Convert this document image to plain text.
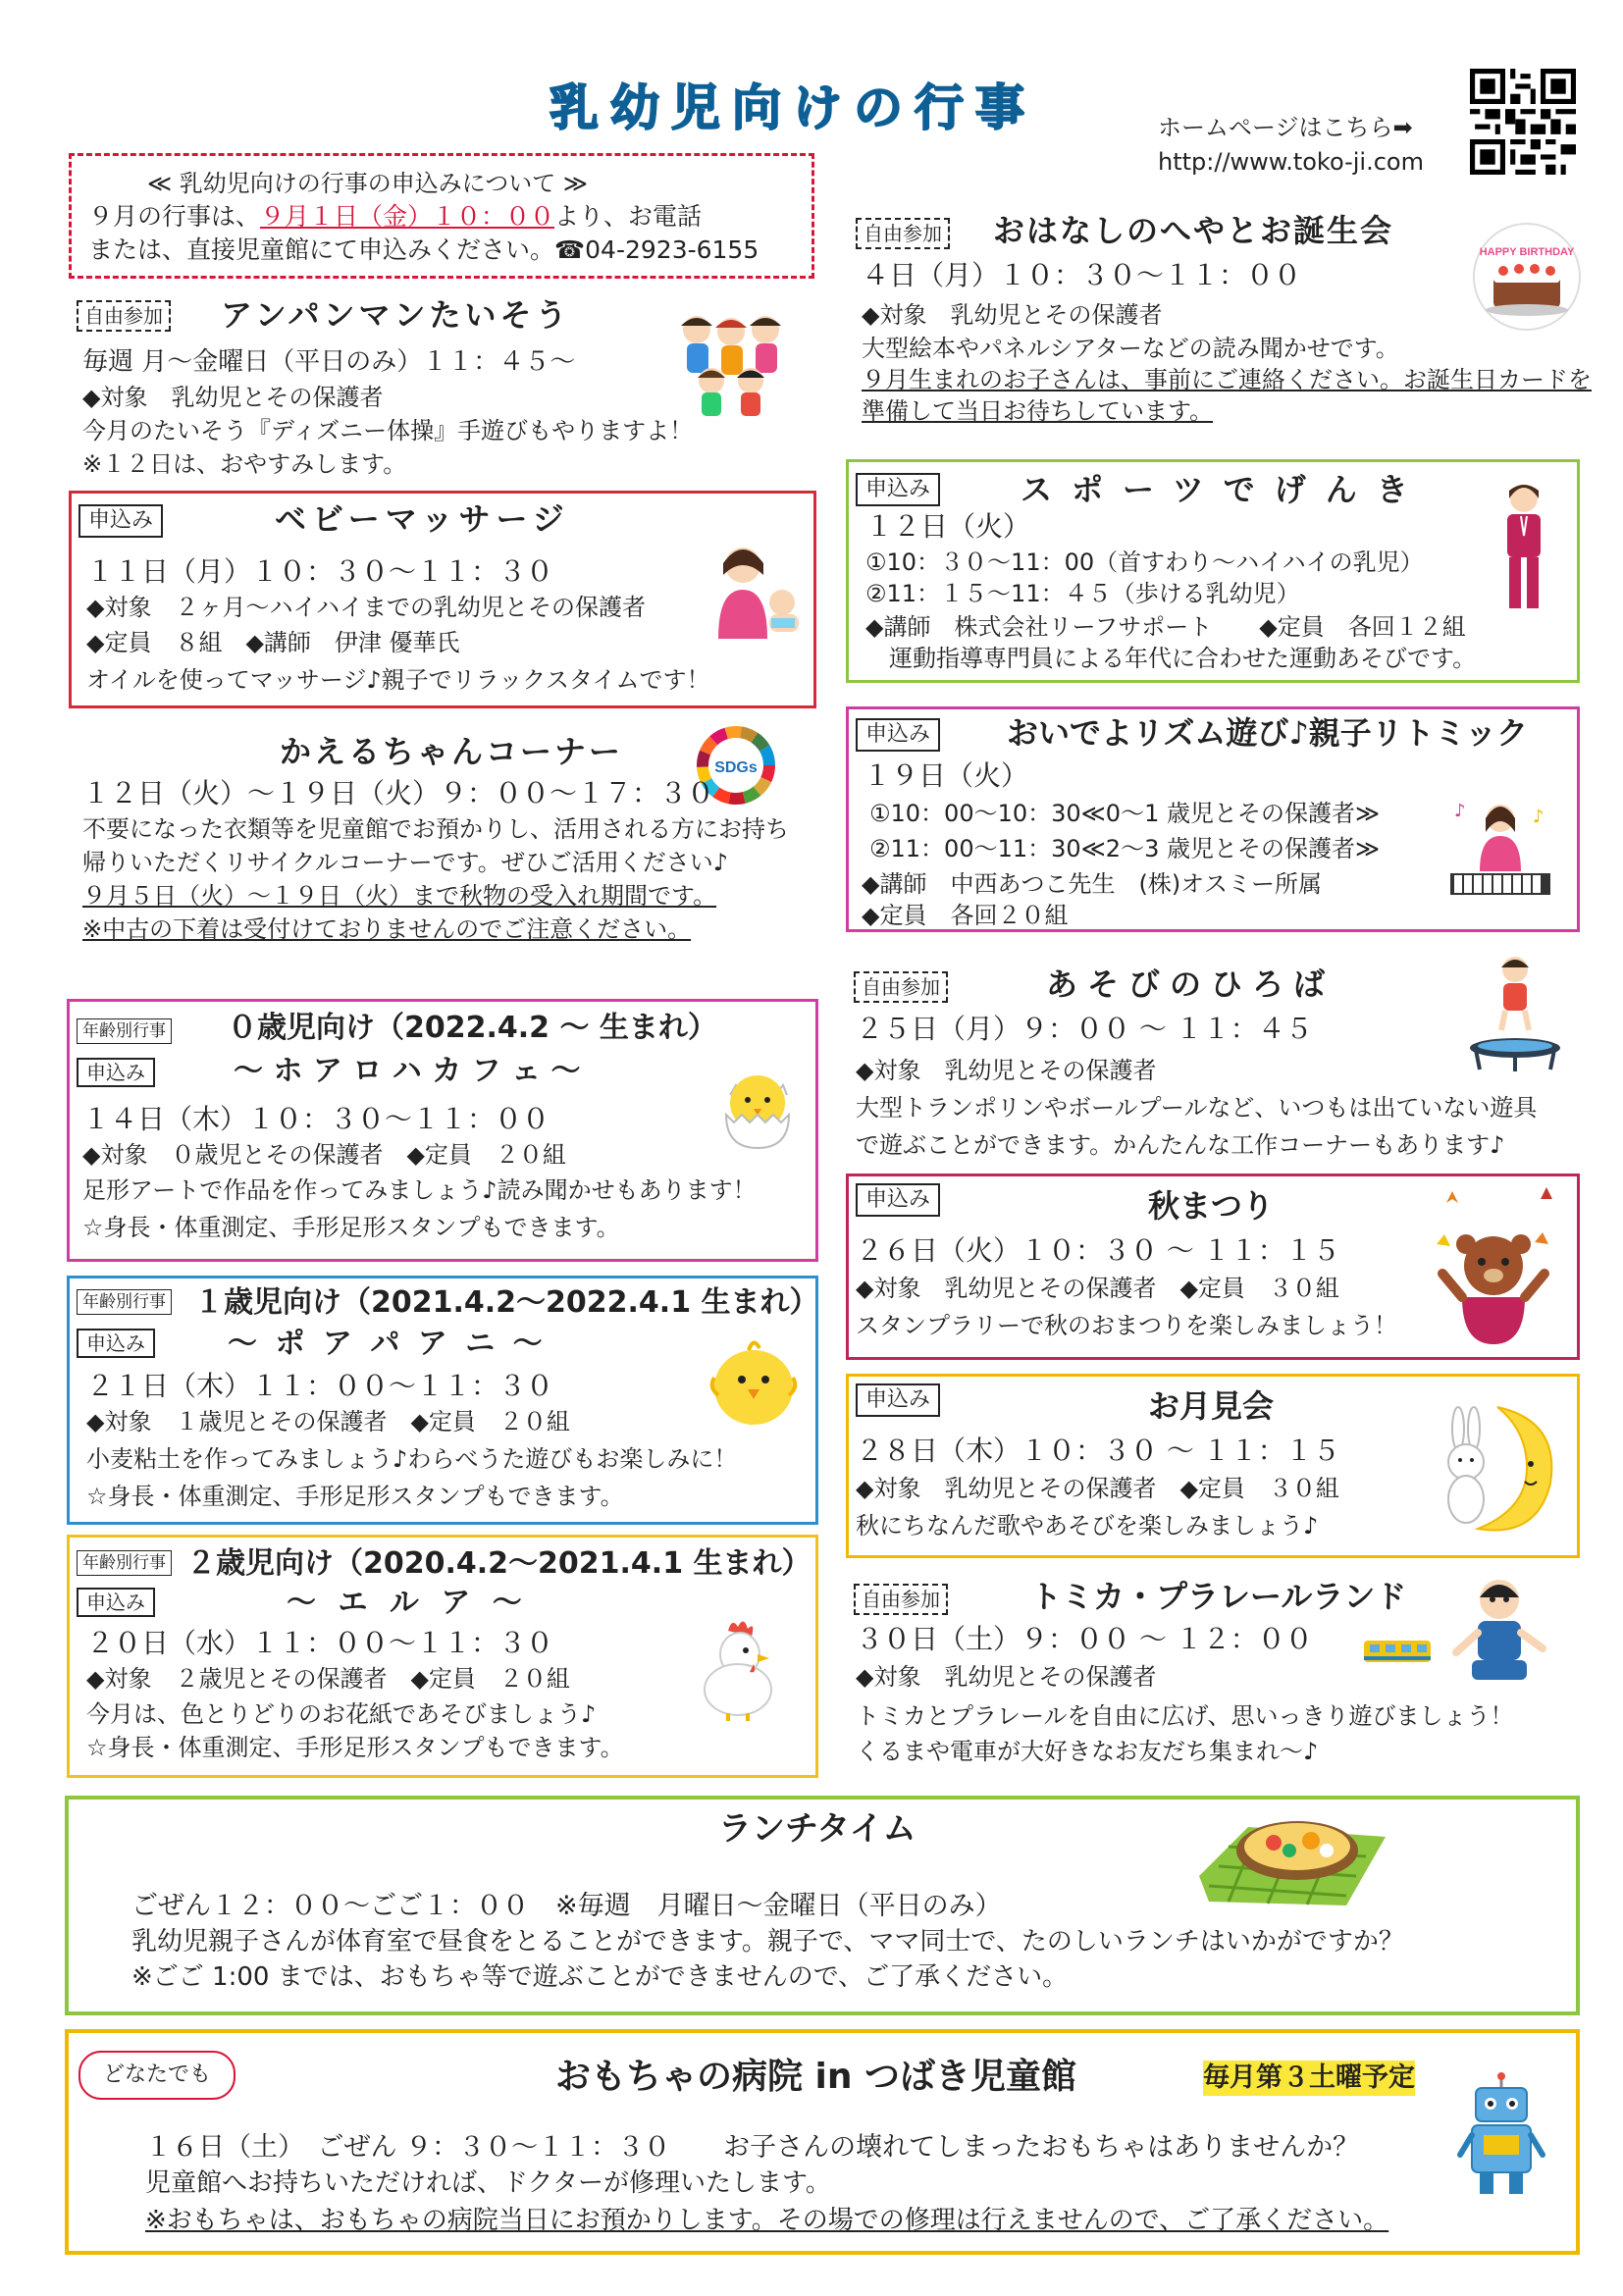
乳幼児向けの行事	ホームページはこちら➡
http://www.toko-ji.com
≪ 乳幼児向けの行事の申込みについて ≫
９月の行事は、９月１日（金）１０：００より、お電話
または、直接児童館にて申込みください。☎04-2923-6155
自由参加 アンパンマンたいそう
毎週 月～金曜日（平日のみ）１１：４５～
◆対象　乳幼児とその保護者
今月のたいそう『ディズニー体操』手遊びもやりますよ！
※１２日は、おやすみします。
申込み	ベビーマッサージ
１１日（月）１０：３０～１１：３０
◆対象　２ヶ月～ハイハイまでの乳幼児とその保護者
◆定員　８組　◆講師　伊津 優華氏
オイルを使ってマッサージ♪親子でリラックスタイムです！
かえるちゃんコーナー	SDGs
１２日（火）～１９日（火）９：００～１７：３０
不要になった衣類等を児童館でお預かりし、活用される方にお持ち
帰りいただくリサイクルコーナーです。ぜひご活用ください♪
９月５日（火）～１９日（火）まで秋物の受入れ期間です。
※中古の下着は受付けておりませんのでご注意ください。
年齢別行事
申込み
０歳児向け（2022.4.2 ～ 生まれ）
～ ホ ア ロ ハ カ フ ェ ～
１４日（木）１０：３０～１１：００
◆対象　０歳児とその保護者　◆定員　２０組
足形アートで作品を作ってみましょう♪読み聞かせもあります！
☆身長・体重測定、手形足形スタンプもできます。
年齢別行事
申込み
１歳児向け（2021.4.2～2022.4.1 生まれ）
～ ポ ア パ ア ニ ～
２１日（木）１１：００～１１：３０
◆対象　１歳児とその保護者　◆定員　２０組
小麦粘土を作ってみましょう♪わらべうた遊びもお楽しみに！
☆身長・体重測定、手形足形スタンプもできます。
年齢別行事
申込み
２歳児向け（2020.4.2～2021.4.1 生まれ）
～ エ ル ア ～
２０日（水）１１：００～１１：３０
◆対象　２歳児とその保護者　◆定員　２０組
今月は、色とりどりのお花紙であそびましょう♪
☆身長・体重測定、手形足形スタンプもできます。
自由参加 おはなしのへやとお誕生会
４日（月）１０：３０～１１：００
◆対象　乳幼児とその保護者
大型絵本やパネルシアターなどの読み聞かせです。
９月生まれのお子さんは、事前にご連絡ください。お誕生日カードを
準備して当日お待ちしています。
HAPPY BIRTHDAY
申込み	スポーツでげんき
１２日（火）
①10：３０～11：00（首すわり～ハイハイの乳児）
②11：１５～11：４５（歩ける乳幼児）
◆講師　株式会社リーフサポート　　◆定員　各回１２組
運動指導専門員による年代に合わせた運動あそびです。
申込み	おいでよリズム遊び♪親子リトミック
１９日（火）
①10：00～10：30≪0～1 歳児とその保護者≫
②11：00～11：30≪2～3 歳児とその保護者≫
◆講師　中西あつこ先生　(株)オスミー所属
◆定員　各回２０組
♪	♪
自由参加	あそびのひろば
２５日（月）９：００ ～ １１：４５
◆対象　乳幼児とその保護者
大型トランポリンやボールプールなど、いつもは出ていない遊具
で遊ぶことができます。かんたんな工作コーナーもあります♪
申込み	秋まつり
２６日（火）１０：３０ ～ １１：１５
◆対象　乳幼児とその保護者　◆定員　３０組
スタンプラリーで秋のおまつりを楽しみましょう！
申込み	お月見会
２８日（木）１０：３０ ～ １１：１５
◆対象　乳幼児とその保護者　◆定員　３０組
秋にちなんだ歌やあそびを楽しみましょう♪
自由参加	トミカ・プラレールランド
３０日（土）９：００ ～ １２：００
◆対象　乳幼児とその保護者
トミカとプラレールを自由に広げ、思いっきり遊びましょう！
くるまや電車が大好きなお友だち集まれ～♪
ランチタイム
ごぜん１２：００～ごご１：００　※毎週　月曜日～金曜日（平日のみ）
乳幼児親子さんが体育室で昼食をとることができます。親子で、ママ同士で、たのしいランチはいかがですか？
※ごご 1:00 までは、おもちゃ等で遊ぶことができませんので、ご了承ください。
どなたでも	おもちゃの病院 in つばき児童館	毎月第３土曜予定
１６日（土）　ごぜん ９：３０～１１：３０　　お子さんの壊れてしまったおもちゃはありませんか？
児童館へお持ちいただければ、ドクターが修理いたします。
※おもちゃは、おもちゃの病院当日にお預かりします。その場での修理は行えませんので、ご了承ください。
